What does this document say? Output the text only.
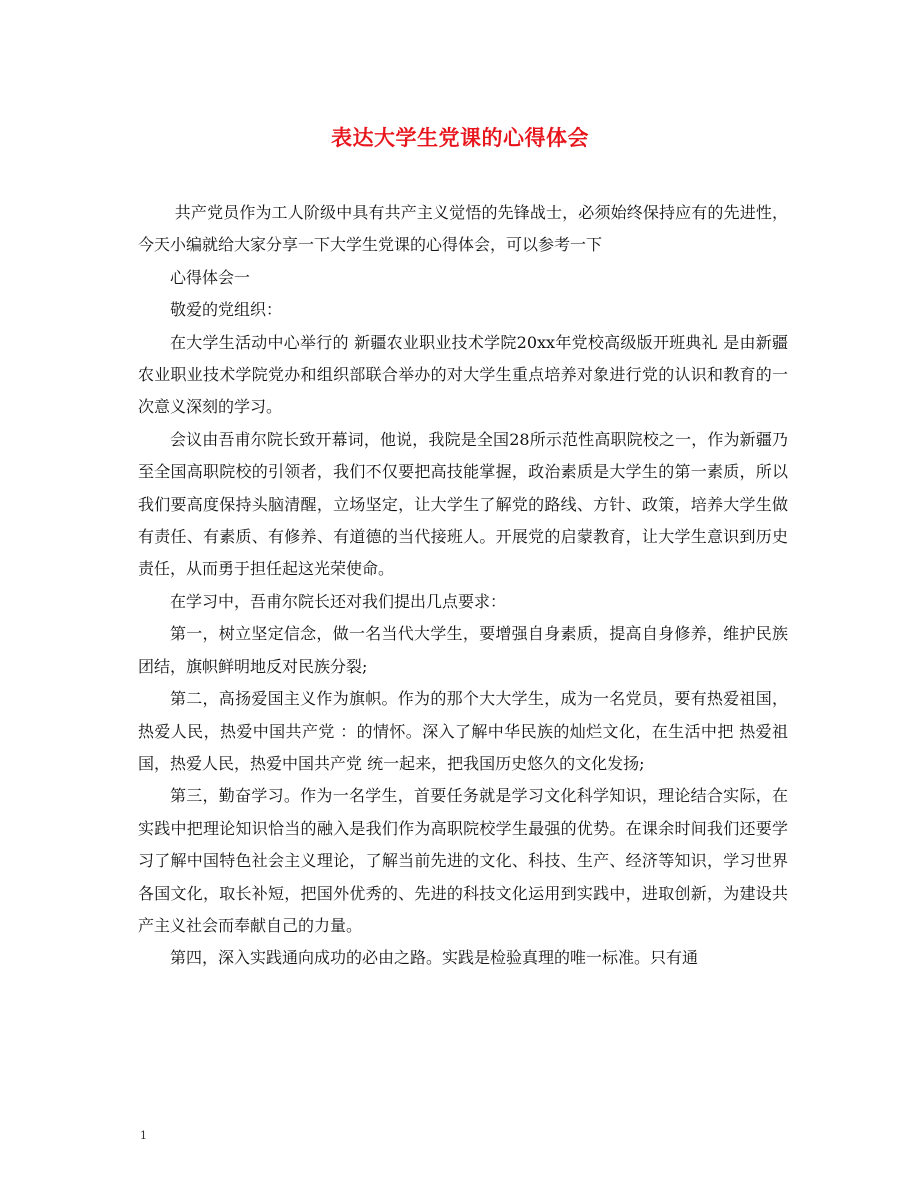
表达大学生党课的心得体会

共产党员作为工人阶级中具有共产主义觉悟的先锋战士，必须始终保持应有的先进性，今天小编就给大家分享一下大学生党课的心得体会，可以参考一下

心得体会一

敬爱的党组织：

在大学生活动中心举行的 新疆农业职业技术学院20xx年党校高级版开班典礼 是由新疆农业职业技术学院党办和组织部联合举办的对大学生重点培养对象进行党的认识和教育的一次意义深刻的学习。

会议由吾甫尔院长致开幕词，他说，我院是全国28所示范性高职院校之一，作为新疆乃至全国高职院校的引领者，我们不仅要把高技能掌握，政治素质是大学生的第一素质，所以我们要高度保持头脑清醒，立场坚定，让大学生了解党的路线、方针、政策，培养大学生做有责任、有素质、有修养、有道德的当代接班人。开展党的启蒙教育，让大学生意识到历史责任，从而勇于担任起这光荣使命。

在学习中，吾甫尔院长还对我们提出几点要求：

第一，树立坚定信念，做一名当代大学生，要增强自身素质，提高自身修养，维护民族团结，旗帜鲜明地反对民族分裂;

第二，高扬爱国主义作为旗帜。作为的那个大大学生，成为一名党员，要有热爱祖国，热爱人民，热爱中国共产党 ：的情怀。深入了解中华民族的灿烂文化，在生活中把 热爱祖国，热爱人民，热爱中国共产党 统一起来，把我国历史悠久的文化发扬;

第三，勤奋学习。作为一名学生，首要任务就是学习文化科学知识，理论结合实际，在实践中把理论知识恰当的融入是我们作为高职院校学生最强的优势。在课余时间我们还要学习了解中国特色社会主义理论，了解当前先进的文化、科技、生产、经济等知识，学习世界各国文化，取长补短，把国外优秀的、先进的科技文化运用到实践中，进取创新，为建设共产主义社会而奉献自己的力量。

第四，深入实践通向成功的必由之路。实践是检验真理的唯一标准。只有通

1
